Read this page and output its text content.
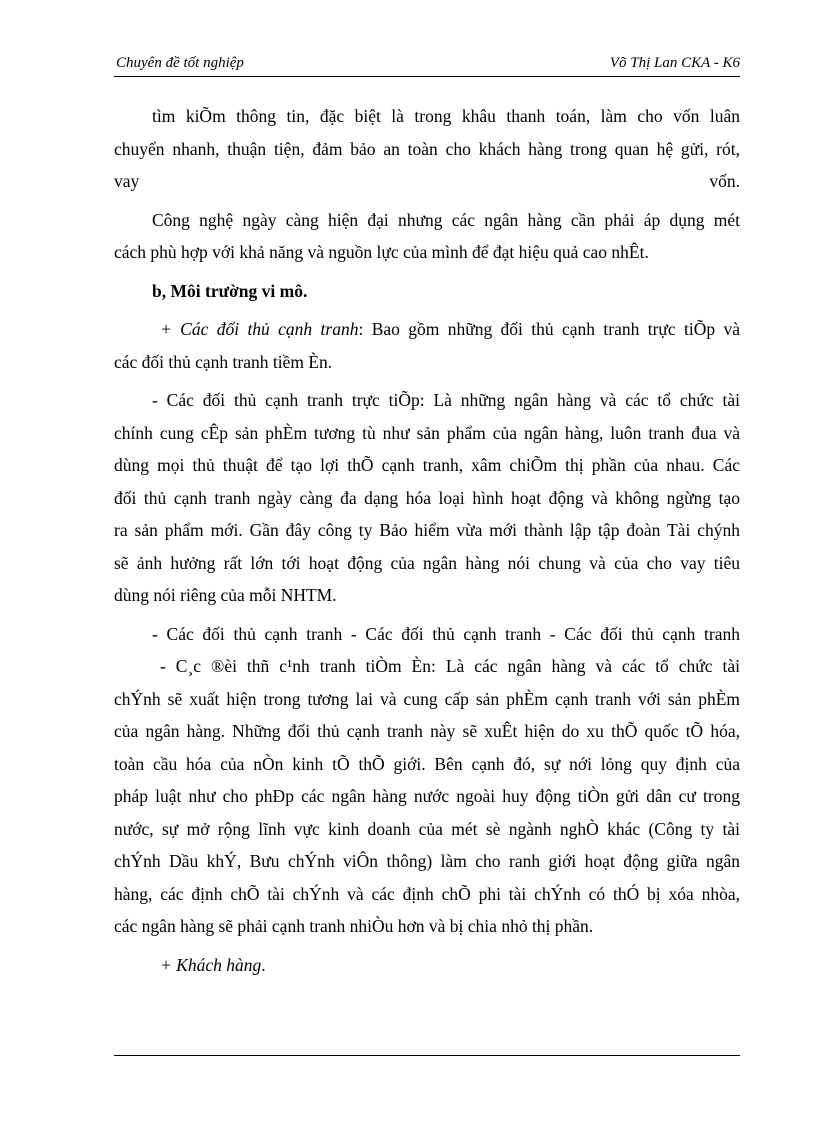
Chuyên đề tốt nghiệp	Võ Thị Lan CKA - K6

tìm kiÕm thông tin, đặc biệt là trong khâu thanh toán, làm cho vốn luân
chuyển nhanh, thuận tiện, đảm bảo an toàn cho khách hàng trong quan hệ gửi, rót,
vay	vốn.

Công nghệ ngày càng hiện đại nhưng các ngân hàng cần phải áp dụng mét
cách phù hợp với khả năng và nguồn lực của mình để đạt hiệu quả cao nhÊt.

b, Môi trường vi mô.

+ Các đối thủ cạnh tranh: Bao gồm những đối thủ cạnh tranh trực tiÕp và
các đối thủ cạnh tranh tiềm Èn.

- Các đối thủ cạnh tranh trực tiÕp: Là những ngân hàng và các tổ chức tài
chính cung cÊp sản phÈm tương tù như sản phẩm của ngân hàng, luôn tranh đua và
dùng mọi thủ thuật để tạo lợi thÕ cạnh tranh, xâm chiÕm thị phần của nhau. Các
đối thủ cạnh tranh ngày càng đa dạng hóa loại hình hoạt động và không ngừng tạo
ra sản phẩm mới. Gần đây công ty Bảo hiểm vừa mới thành lập tập đoàn Tài chýnh
sẽ ảnh hưởng rất lớn tới hoạt động của ngân hàng nói chung và của cho vay tiêu
dùng nói riêng của mỗi NHTM.

- Các đối thủ cạnh tranh - Các đối thủ cạnh tranh - Các đối thủ cạnh tranh

- C¸c ®èi thñ c¹nh tranh tiÒm Èn: Là các ngân hàng và các tổ chức tài
chÝnh sẽ xuất hiện trong tương lai và cung cấp sản phÈm cạnh tranh với sản phÈm
của ngân hàng. Những đối thủ cạnh tranh này sẽ xuÊt hiện do xu thÕ quốc tÕ hóa,
toàn cầu hóa của nÒn kinh tÕ thÕ giới. Bên cạnh đó, sự nới lỏng quy định của
pháp luật như cho phÐp các ngân hàng nước ngoài huy động tiÒn gửi dân cư trong
nước, sự mở rộng lĩnh vực kinh doanh của mét sè ngành nghÒ khác (Công ty tài
chÝnh Dầu khÝ, Bưu chÝnh viÔn thông) làm cho ranh giới hoạt động giữa ngân
hàng, các định chÕ tài chÝnh và các định chÕ phi tài chÝnh có thÓ bị xóa nhòa,
các ngân hàng sẽ phải cạnh tranh nhiÒu hơn và bị chia nhỏ thị phần.

+ Khách hàng.
